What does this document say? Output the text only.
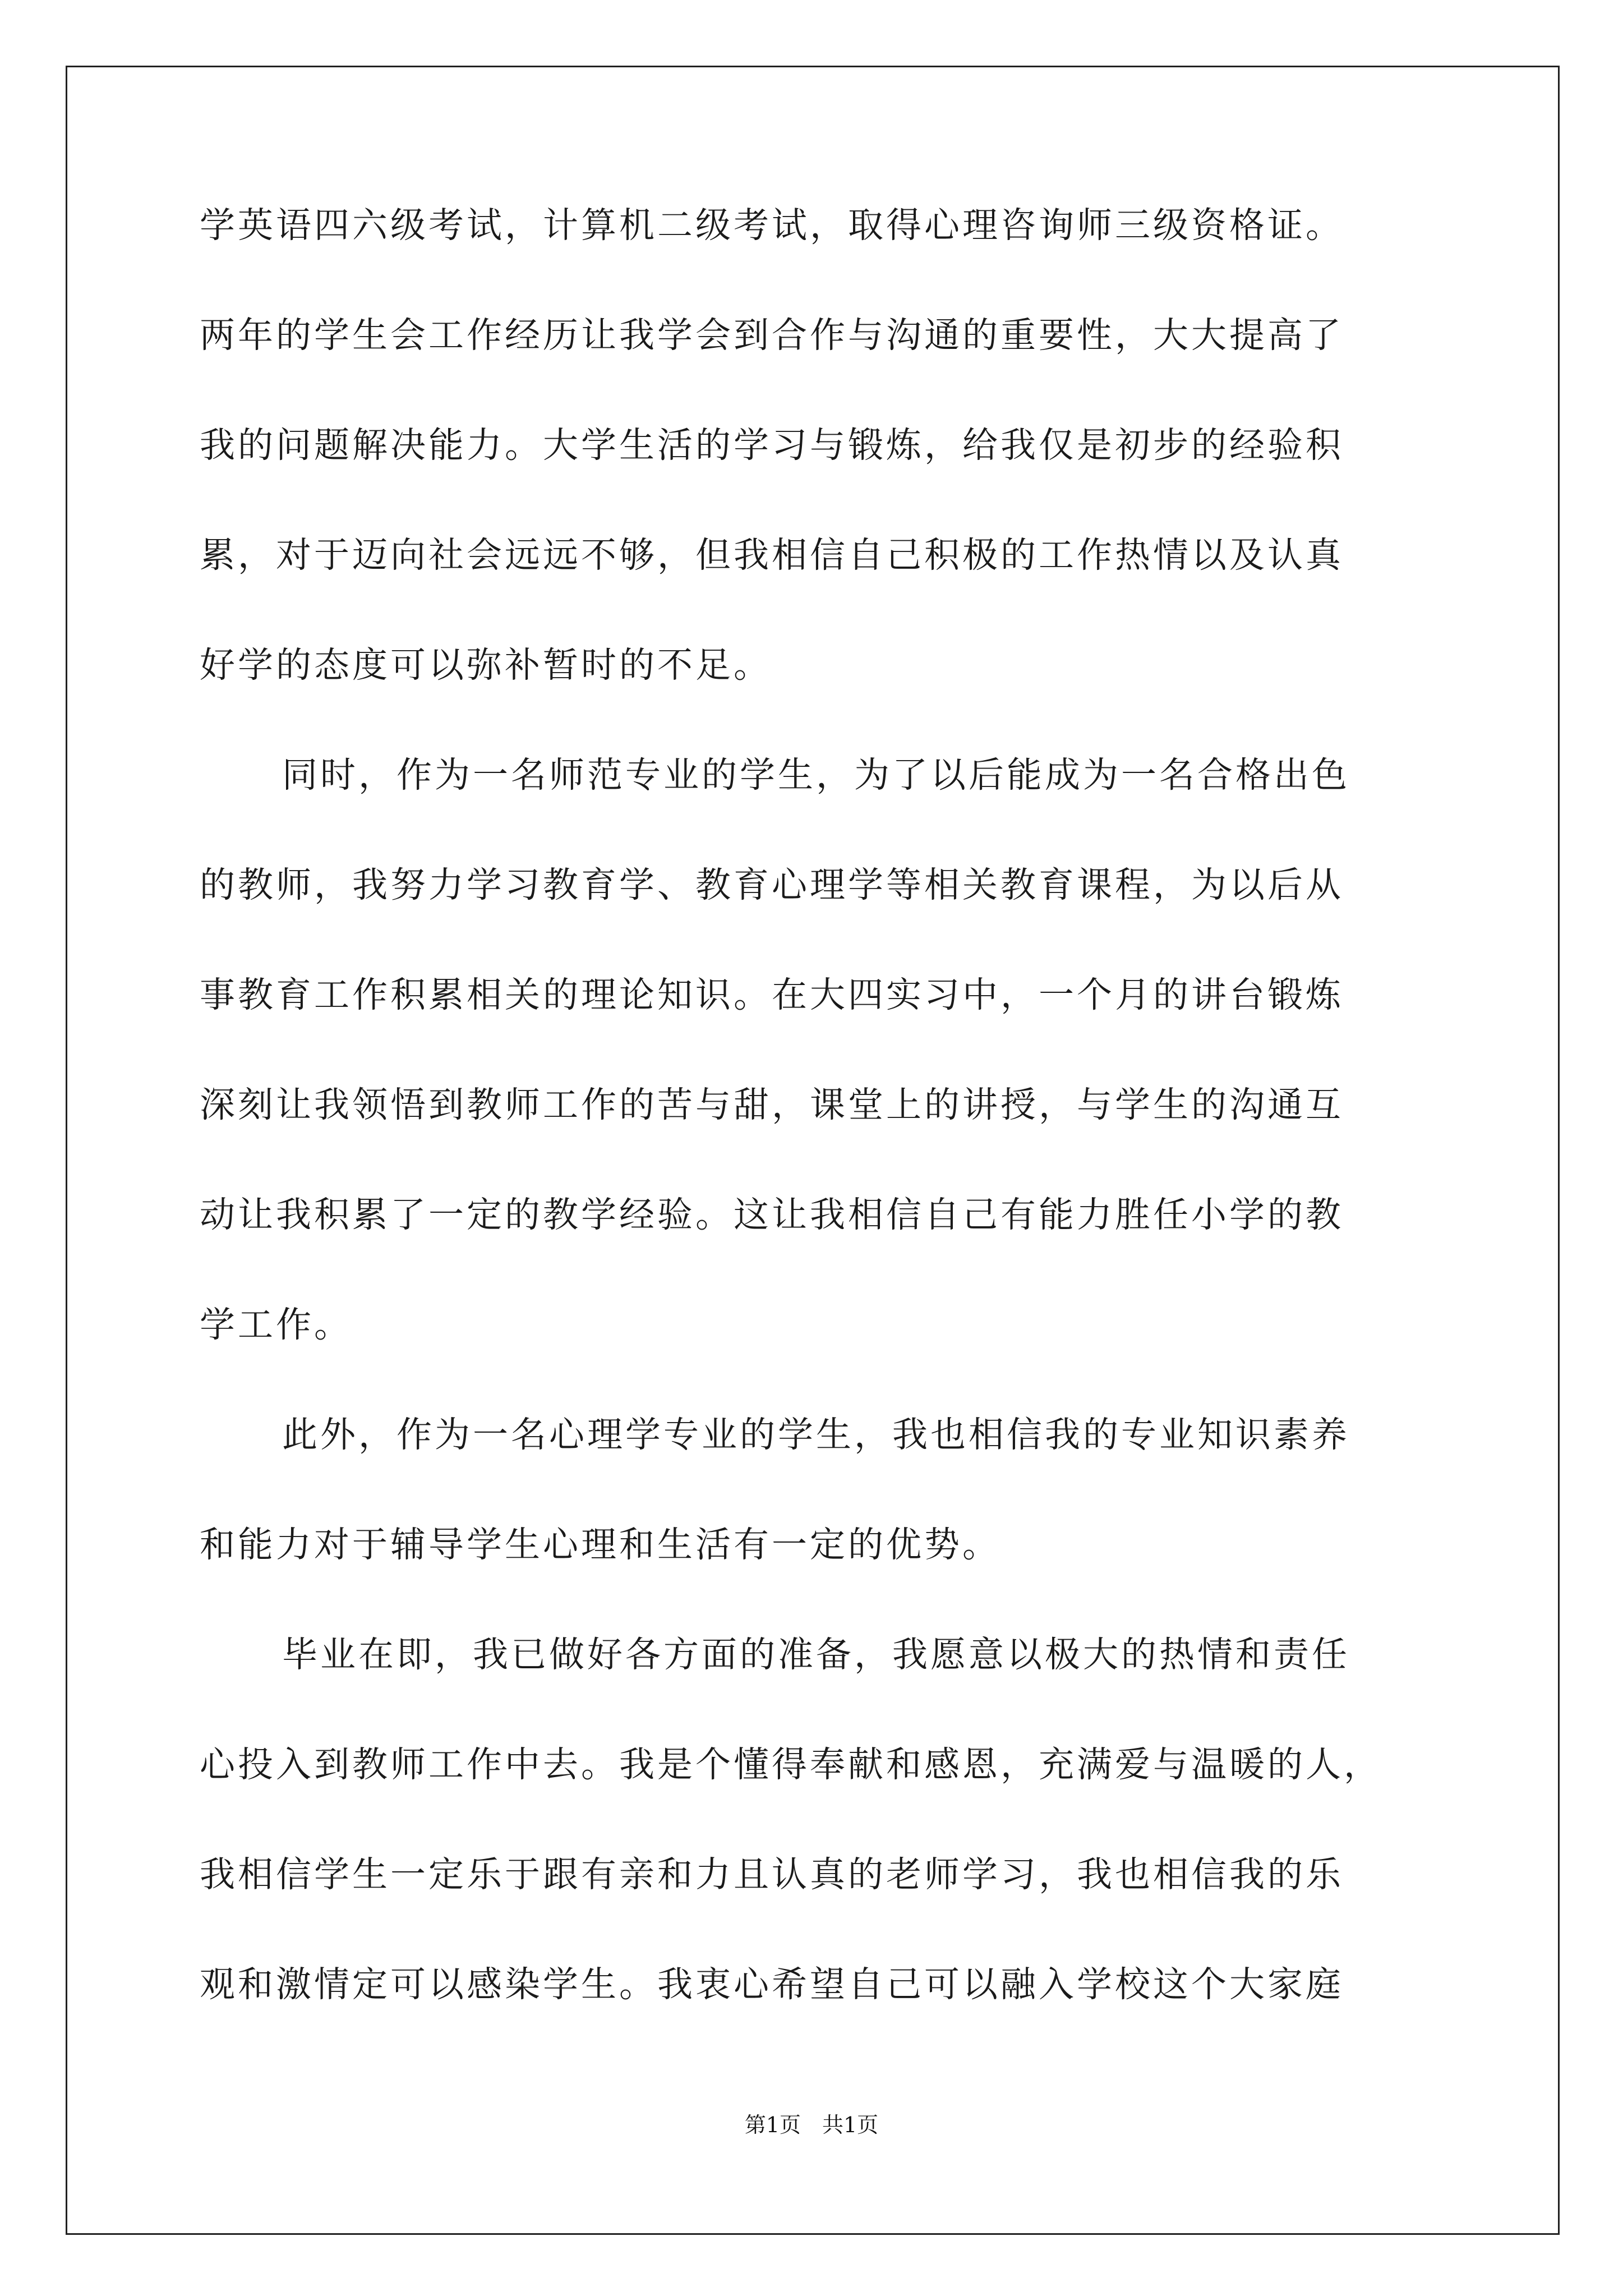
学英语四六级考试，计算机二级考试，取得心理咨询师三级资格证。
两年的学生会工作经历让我学会到合作与沟通的重要性，大大提高了
我的问题解决能力。大学生活的学习与锻炼，给我仅是初步的经验积
累，对于迈向社会远远不够，但我相信自己积极的工作热情以及认真
好学的态度可以弥补暂时的不足。
同时，作为一名师范专业的学生，为了以后能成为一名合格出色
的教师，我努力学习教育学、教育心理学等相关教育课程，为以后从
事教育工作积累相关的理论知识。在大四实习中，一个月的讲台锻炼
深刻让我领悟到教师工作的苦与甜，课堂上的讲授，与学生的沟通互
动让我积累了一定的教学经验。这让我相信自己有能力胜任小学的教
学工作。
此外，作为一名心理学专业的学生，我也相信我的专业知识素养
和能力对于辅导学生心理和生活有一定的优势。
毕业在即，我已做好各方面的准备，我愿意以极大的热情和责任
心投入到教师工作中去。我是个懂得奉献和感恩，充满爱与温暖的人，
我相信学生一定乐于跟有亲和力且认真的老师学习，我也相信我的乐
观和激情定可以感染学生。我衷心希望自己可以融入学校这个大家庭
第1页　共1页
